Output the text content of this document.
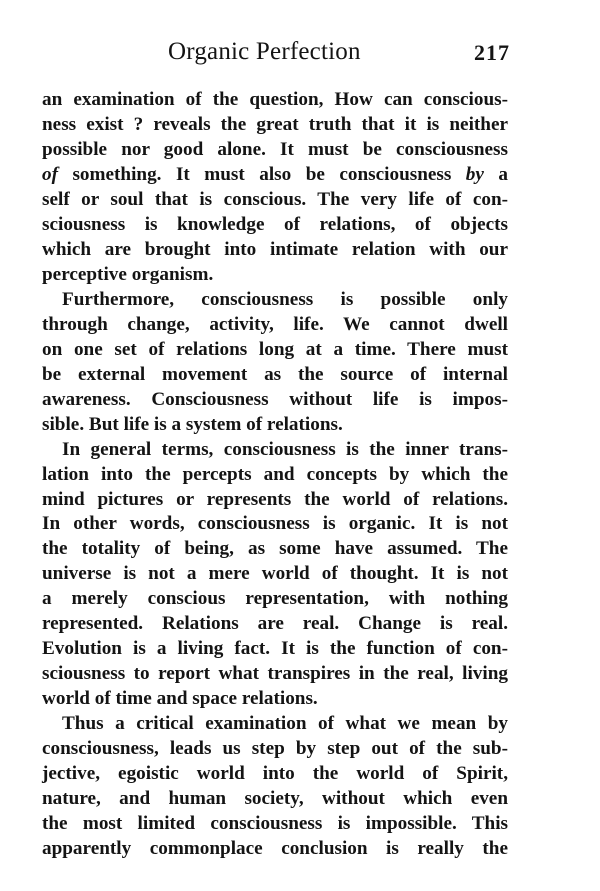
Organic Perfection	217
an examination of the question, How can conscious-
ness exist ? reveals the great truth that it is neither
possible nor good alone. It must be consciousness
of something. It must also be consciousness by a
self or soul that is conscious. The very life of con-
sciousness is knowledge of relations, of objects
which are brought into intimate relation with our
perceptive organism.
Furthermore, consciousness is possible only
through change, activity, life. We cannot dwell
on one set of relations long at a time. There must
be external movement as the source of internal
awareness. Consciousness without life is impos-
sible. But life is a system of relations.
In general terms, consciousness is the inner trans-
lation into the percepts and concepts by which the
mind pictures or represents the world of relations.
In other words, consciousness is organic. It is not
the totality of being, as some have assumed. The
universe is not a mere world of thought. It is not
a merely conscious representation, with nothing
represented. Relations are real. Change is real.
Evolution is a living fact. It is the function of con-
sciousness to report what transpires in the real, living
world of time and space relations.
Thus a critical examination of what we mean by
consciousness, leads us step by step out of the sub-
jective, egoistic world into the world of Spirit,
nature, and human society, without which even
the most limited consciousness is impossible. This
apparently commonplace conclusion is really the
